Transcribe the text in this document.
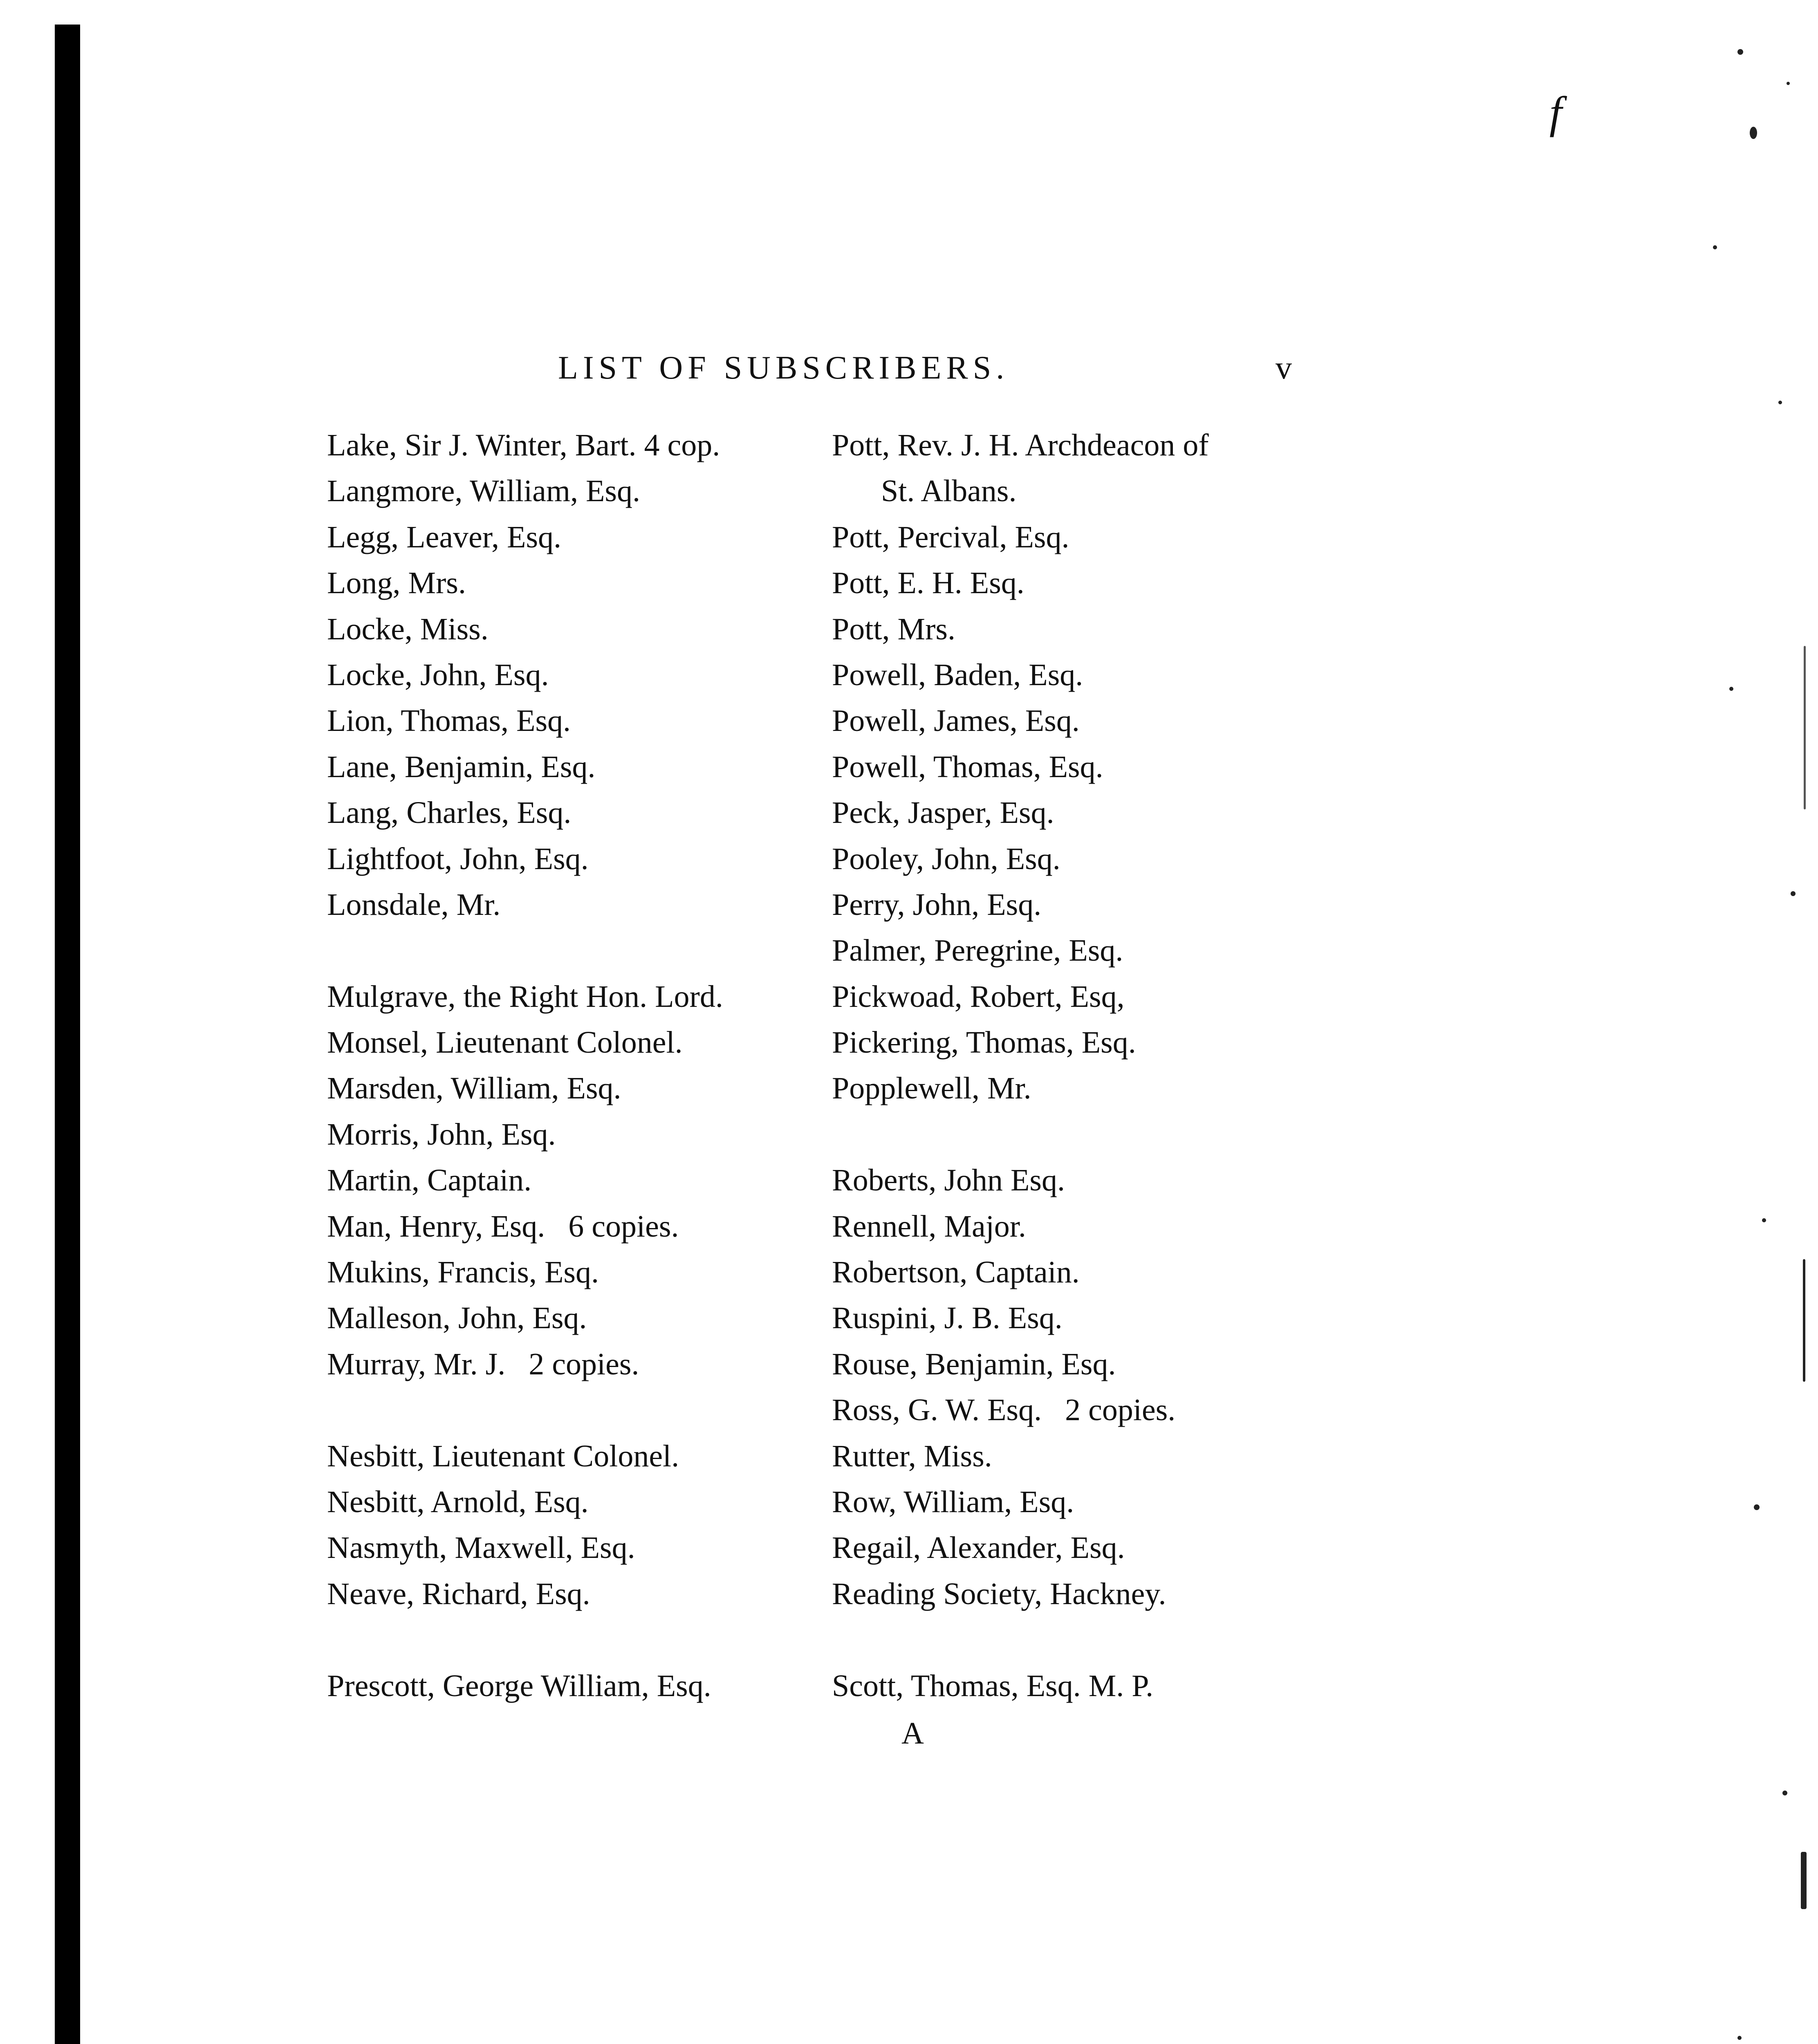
f
LIST OF SUBSCRIBERS.	v
Lake, Sir J. Winter, Bart. 4 cop.
Langmore, William, Esq.
Legg, Leaver, Esq.
Long, Mrs.
Locke, Miss.
Locke, John, Esq.
Lion, Thomas, Esq.
Lane, Benjamin, Esq.
Lang, Charles, Esq.
Lightfoot, John, Esq.
Lonsdale, Mr.
Mulgrave, the Right Hon. Lord.
Monsel, Lieutenant Colonel.
Marsden, William, Esq.
Morris, John, Esq.
Martin, Captain.
Man, Henry, Esq.   6 copies.
Mukins, Francis, Esq.
Malleson, John, Esq.
Murray, Mr. J.   2 copies.
Nesbitt, Lieutenant Colonel.
Nesbitt, Arnold, Esq.
Nasmyth, Maxwell, Esq.
Neave, Richard, Esq.
Prescott, George William, Esq.
Pott, Rev. J. H. Archdeacon of
St. Albans.
Pott, Percival, Esq.
Pott, E. H. Esq.
Pott, Mrs.
Powell, Baden, Esq.
Powell, James, Esq.
Powell, Thomas, Esq.
Peck, Jasper, Esq.
Pooley, John, Esq.
Perry, John, Esq.
Palmer, Peregrine, Esq.
Pickwoad, Robert, Esq,
Pickering, Thomas, Esq.
Popplewell, Mr.
Roberts, John Esq.
Rennell, Major.
Robertson, Captain.
Ruspini, J. B. Esq.
Rouse, Benjamin, Esq.
Ross, G. W. Esq.   2 copies.
Rutter, Miss.
Row, William, Esq.
Regail, Alexander, Esq.
Reading Society, Hackney.
Scott, Thomas, Esq. M. P.
A
